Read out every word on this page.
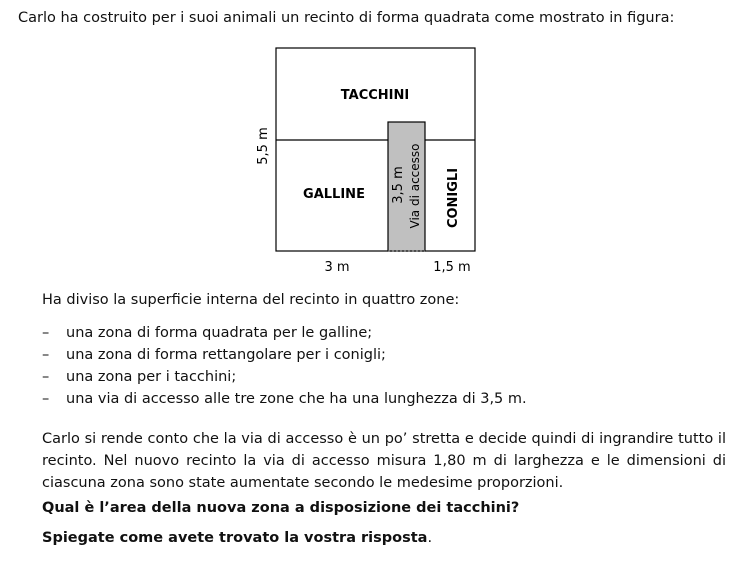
Carlo ha costruito per i suoi animali un recinto di forma quadrata come mostrato in figura:
TACCHINI
GALLINE	CONIGLI
3,5 m Via di accesso
5,5 m
3 m	1,5 m
Ha diviso la superficie interna del recinto in quattro zone:
– una zona di forma quadrata per le galline;
– una zona di forma rettangolare per i conigli;
– una zona per i tacchini;
– una via di accesso alle tre zone che ha una lunghezza di 3,5 m.
Carlo si rende conto che la via di accesso è un po’ stretta e decide quindi di ingrandire tutto il recinto. Nel nuovo recinto la via di accesso misura 1,80 m di larghezza e le dimensioni di ciascuna zona sono state aumentate secondo le medesime proporzioni.
Qual è l’area della nuova zona a disposizione dei tacchini?
Spiegate come avete trovato la vostra risposta.
